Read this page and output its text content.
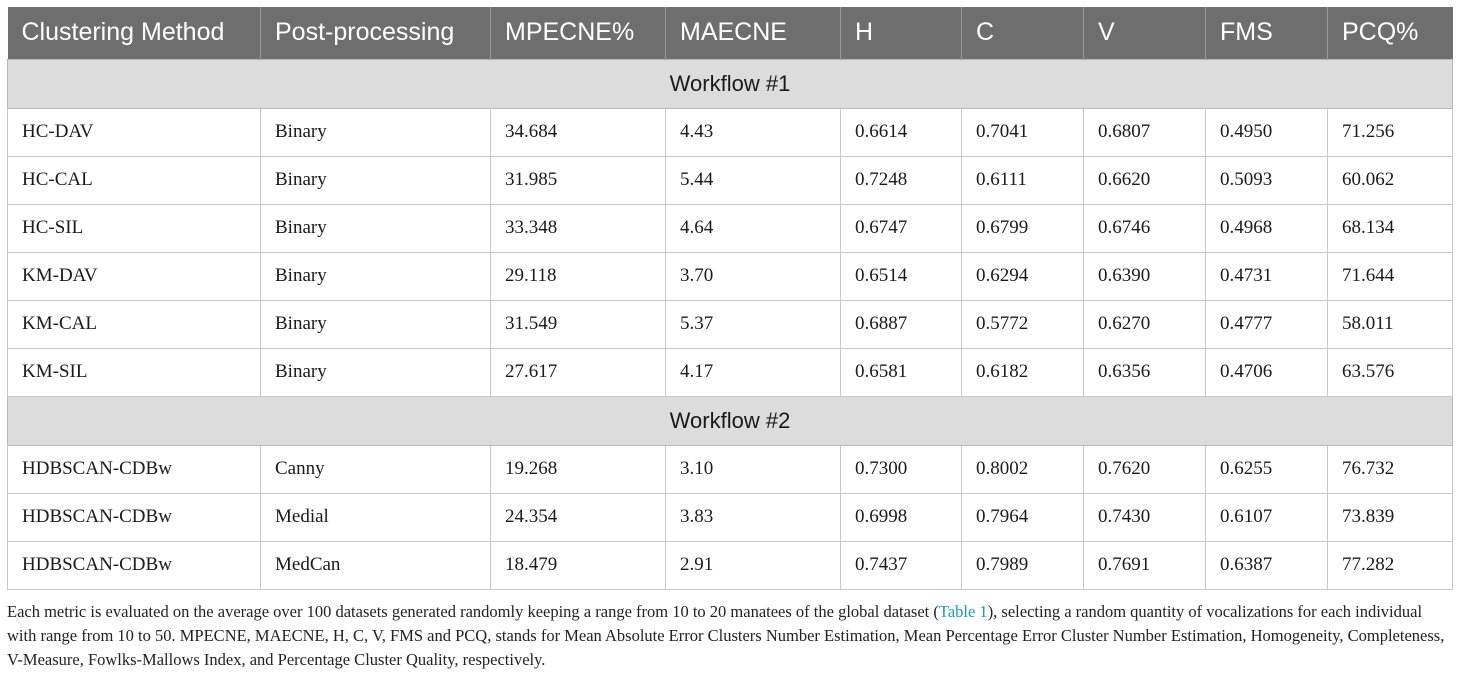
Clustering Method	Post-processing	MPECNE%	MAECNE	H	C	V	FMS	PCQ%
Workflow #1								
HC-DAV	Binary	34.684	4.43	0.6614	0.7041	0.6807	0.4950	71.256
HC-CAL	Binary	31.985	5.44	0.7248	0.6111	0.6620	0.5093	60.062
HC-SIL	Binary	33.348	4.64	0.6747	0.6799	0.6746	0.4968	68.134
KM-DAV	Binary	29.118	3.70	0.6514	0.6294	0.6390	0.4731	71.644
KM-CAL	Binary	31.549	5.37	0.6887	0.5772	0.6270	0.4777	58.011
KM-SIL	Binary	27.617	4.17	0.6581	0.6182	0.6356	0.4706	63.576
Workflow #2								
HDBSCAN-CDBw	Canny	19.268	3.10	0.7300	0.8002	0.7620	0.6255	76.732
HDBSCAN-CDBw	Medial	24.354	3.83	0.6998	0.7964	0.7430	0.6107	73.839
HDBSCAN-CDBw	MedCan	18.479	2.91	0.7437	0.7989	0.7691	0.6387	77.282
Each metric is evaluated on the average over 100 datasets generated randomly keeping a range from 10 to 20 manatees of the global dataset (Table 1), selecting a random quantity of vocalizations for each individual with range from 10 to 50. MPECNE, MAECNE, H, C, V, FMS and PCQ, stands for Mean Absolute Error Clusters Number Estimation, Mean Percentage Error Cluster Number Estimation, Homogeneity, Completeness, V-Measure, Fowlks-Mallows Index, and Percentage Cluster Quality, respectively.
